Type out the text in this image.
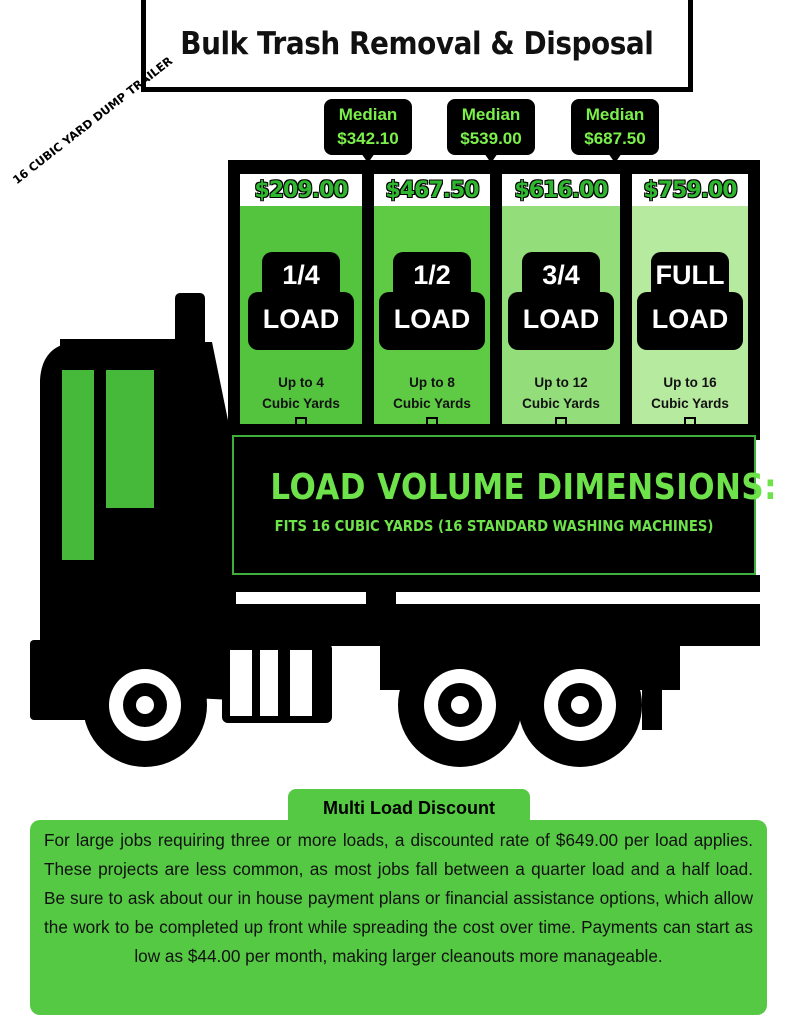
Bulk Trash Removal & Disposal
Median
$342.10
Median
$539.00
Median
$687.50
16 CUBIC YARD DUMP TRAILER
$209.00
1/4
LOAD
Up to 4
Cubic Yards
$467.50
1/2
LOAD
Up to 8
Cubic Yards
$616.00
3/4
LOAD
Up to 12
Cubic Yards
$759.00
FULL
LOAD
Up to 16
Cubic Yards
LOAD VOLUME DIMENSIONS:
FITS 16 CUBIC YARDS (16 STANDARD WASHING MACHINES)
For large jobs requiring three or more loads, a discounted rate of $649.00 per load applies. These projects are less common, as most jobs fall between a quarter load and a half load. Be sure to ask about our in house payment plans or financial assistance options, which allow the work to be completed up front while spreading the cost over time. Payments can start as low as $44.00 per month, making larger cleanouts more manageable.
Multi Load Discount
